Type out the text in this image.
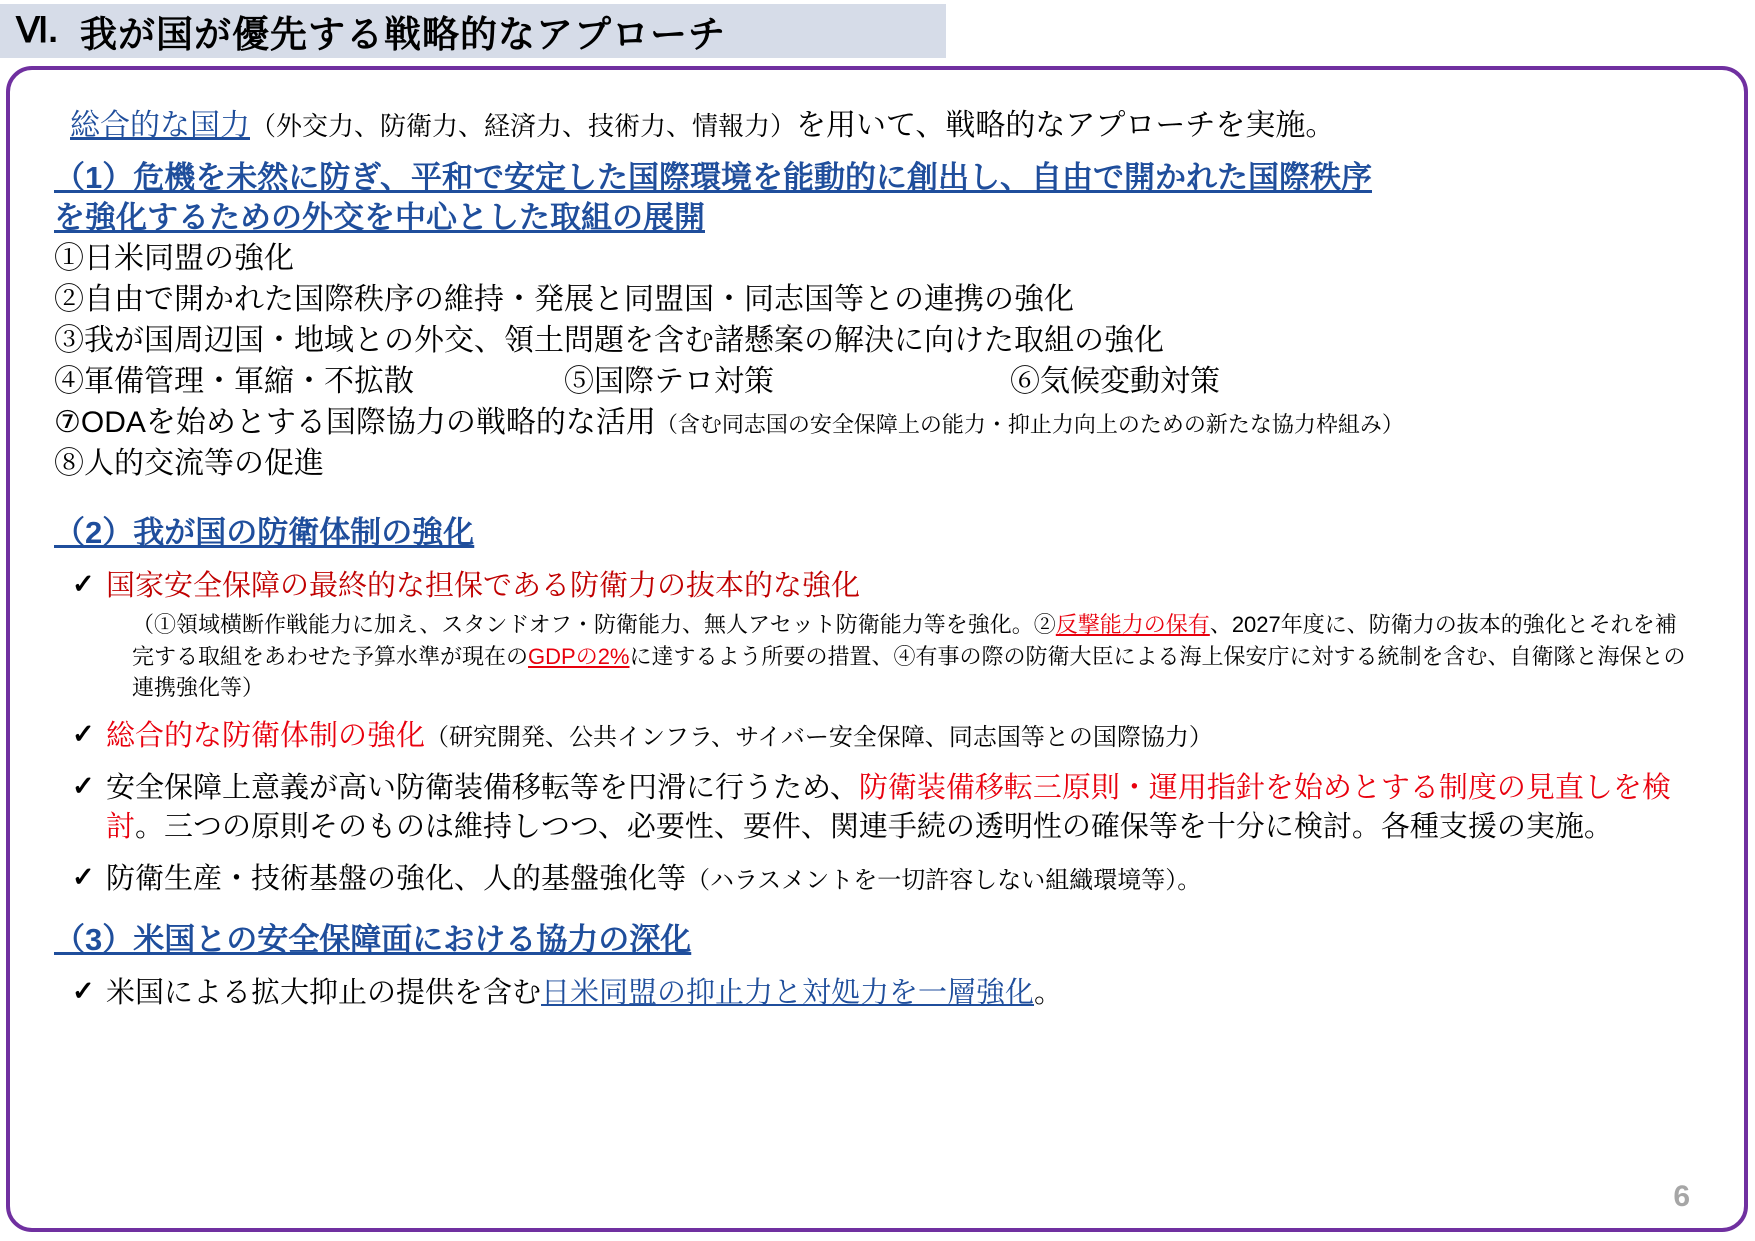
Ⅵ. 我が国が優先する戦略的なアプローチ
総合的な国力（外交力、防衛力、経済力、技術力、情報力）を用いて、戦略的なアプローチを実施。
（1）危機を未然に防ぎ、平和で安定した国際環境を能動的に創出し、自由で開かれた国際秩序
を強化するための外交を中心とした取組の展開
①日米同盟の強化
②自由で開かれた国際秩序の維持・発展と同盟国・同志国等との連携の強化
③我が国周辺国・地域との外交、領土問題を含む諸懸案の解決に向けた取組の強化
④軍備管理・軍縮・不拡散	⑤国際テロ対策	⑥気候変動対策
⑦ODAを始めとする国際協力の戦略的な活用（含む同志国の安全保障上の能力・抑止力向上のための新たな協力枠組み）
⑧人的交流等の促進
（2）我が国の防衛体制の強化
✓ 国家安全保障の最終的な担保である防衛力の抜本的な強化
（①領域横断作戦能力に加え、スタンドオフ・防衛能力、無人アセット防衛能力等を強化。②反撃能力の保有、2027年度に、防衛力の抜本的強化とそれを補完する取組をあわせた予算水準が現在のGDPの2%に達するよう所要の措置、④有事の際の防衛大臣による海上保安庁に対する統制を含む、自衛隊と海保との連携強化等）
✓ 総合的な防衛体制の強化（研究開発、公共インフラ、サイバー安全保障、同志国等との国際協力）
✓ 安全保障上意義が高い防衛装備移転等を円滑に行うため、防衛装備移転三原則・運用指針を始めとする制度の見直しを検討。三つの原則そのものは維持しつつ、必要性、要件、関連手続の透明性の確保等を十分に検討。各種支援の実施。
✓ 防衛生産・技術基盤の強化、人的基盤強化等（ハラスメントを一切許容しない組織環境等）。
（3）米国との安全保障面における協力の深化
✓ 米国による拡大抑止の提供を含む日米同盟の抑止力と対処力を一層強化。
6
